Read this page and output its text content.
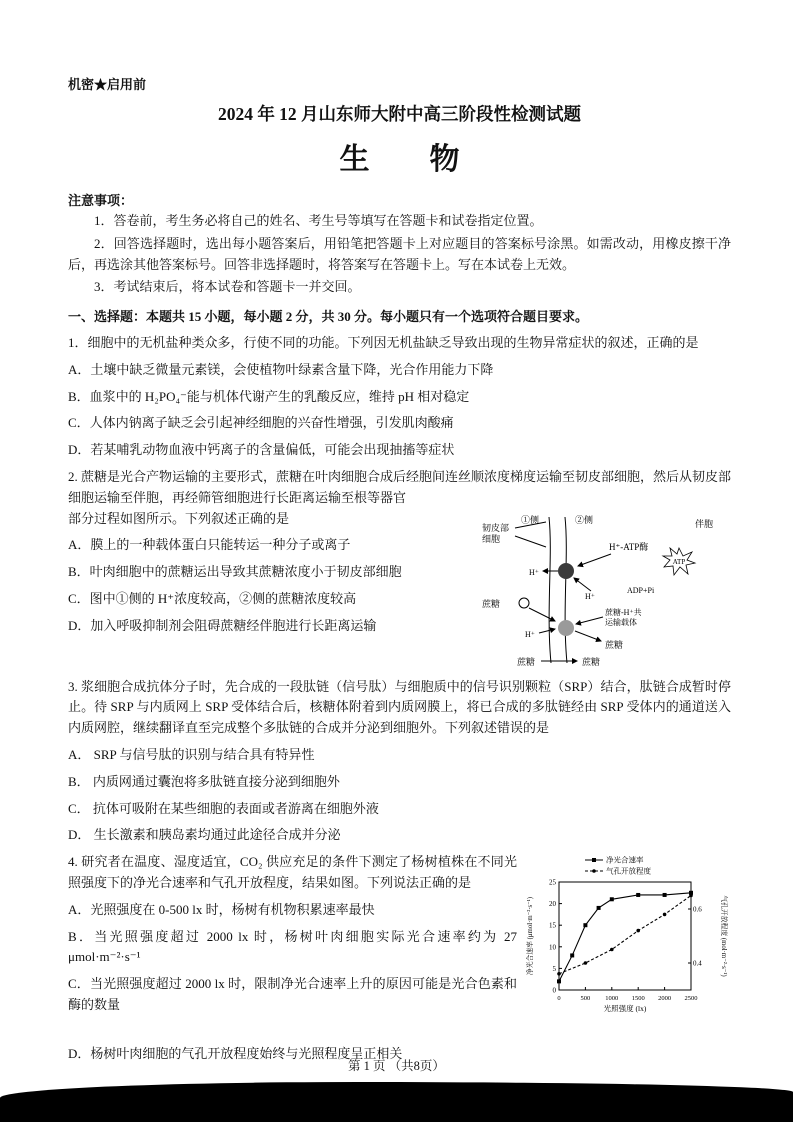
机密★启用前
2024 年 12 月山东师大附中高三阶段性检测试题
生　　物
注意事项：

1．答卷前，考生务必将自己的姓名、考生号等填写在答题卡和试卷指定位置。

2．回答选择题时，选出每小题答案后，用铅笔把答题卡上对应题目的答案标号涂黑。如需改动，用橡皮擦干净后，再选涂其他答案标号。回答非选择题时，将答案写在答题卡上。写在本试卷上无效。

3．考试结束后，将本试卷和答题卡一并交回。

一、选择题：本题共 15 小题，每小题 2 分，共 30 分。每小题只有一个选项符合题目要求。

1．细胞中的无机盐种类众多，行使不同的功能。下列因无机盐缺乏导致出现的生物异常症状的叙述，正确的是

A．土壤中缺乏微量元素镁，会使植物叶绿素含量下降，光合作用能力下降

B．血浆中的 H₂PO₄⁻能与机体代谢产生的乳酸反应，维持 pH 相对稳定

C．人体内钠离子缺乏会引起神经细胞的兴奋性增强，引发肌肉酸痛

D．若某哺乳动物血液中钙离子的含量偏低，可能会出现抽搐等症状

2. 蔗糖是光合产物运输的主要形式，蔗糖在叶肉细胞合成后经胞间连丝顺浓度梯度运输至韧皮部细胞，然后从韧皮部细胞运输至伴胞，再经筛管细胞进行长距离运输至根等器官

韧皮部
细胞
①侧	②侧	伴胞
H⁺-ATP酶
ATP
ADP+Pi
H⁺
H⁺
H⁺
蔗糖
蔗糖-H⁺共
运输载体
蔗糖
蔗糖	蔗糖

部分过程如图所示。下列叙述正确的是

A．膜上的一种载体蛋白只能转运一种分子或离子

B．叶肉细胞中的蔗糖运出导致其蔗糖浓度小于韧皮部细胞

C．图中①侧的 H⁺浓度较高，②侧的蔗糖浓度较高

D．加入呼吸抑制剂会阻碍蔗糖经伴胞进行长距离运输

3. 浆细胞合成抗体分子时，先合成的一段肽链（信号肽）与细胞质中的信号识别颗粒（SRP）结合，肽链合成暂时停止。待 SRP 与内质网上 SRP 受体结合后，核糖体附着到内质网膜上，将已合成的多肽链经由 SRP 受体内的通道送入内质网腔，继续翻译直至完成整个多肽链的合成并分泌到细胞外。下列叙述错误的是

A． SRP 与信号肽的识别与结合具有特异性

B． 内质网通过囊泡将多肽链直接分泌到细胞外

C． 抗体可吸附在某些细胞的表面或者游离在细胞外液

D． 生长激素和胰岛素均通过此途径合成并分泌

0	500 1000 1500 2000 2500
0
5
10
15
20
25
0.4
0.6
净光合速率
气孔开放程度
光照强度 (lx)
净光合速率 (μmol·m⁻²·s⁻¹)	气孔开放程度 (mol·m⁻²·s⁻¹)

4. 研究者在温度、湿度适宜，CO₂ 供应充足的条件下测定了杨树植株在不同光照强度下的净光合速率和气孔开放程度，结果如图。下列说法正确的是

A．光照强度在 0-500 lx 时，杨树有机物积累速率最快

B．当光照强度超过 2000 lx 时，杨树叶肉细胞实际光合速率约为 27 μmol·m⁻²·s⁻¹

C．当光照强度超过 2000 lx 时，限制净光合速率上升的原因可能是光合色素和酶的数量

D．杨树叶肉细胞的气孔开放程度始终与光照程度呈正相关

第 1 页 （共8页）
